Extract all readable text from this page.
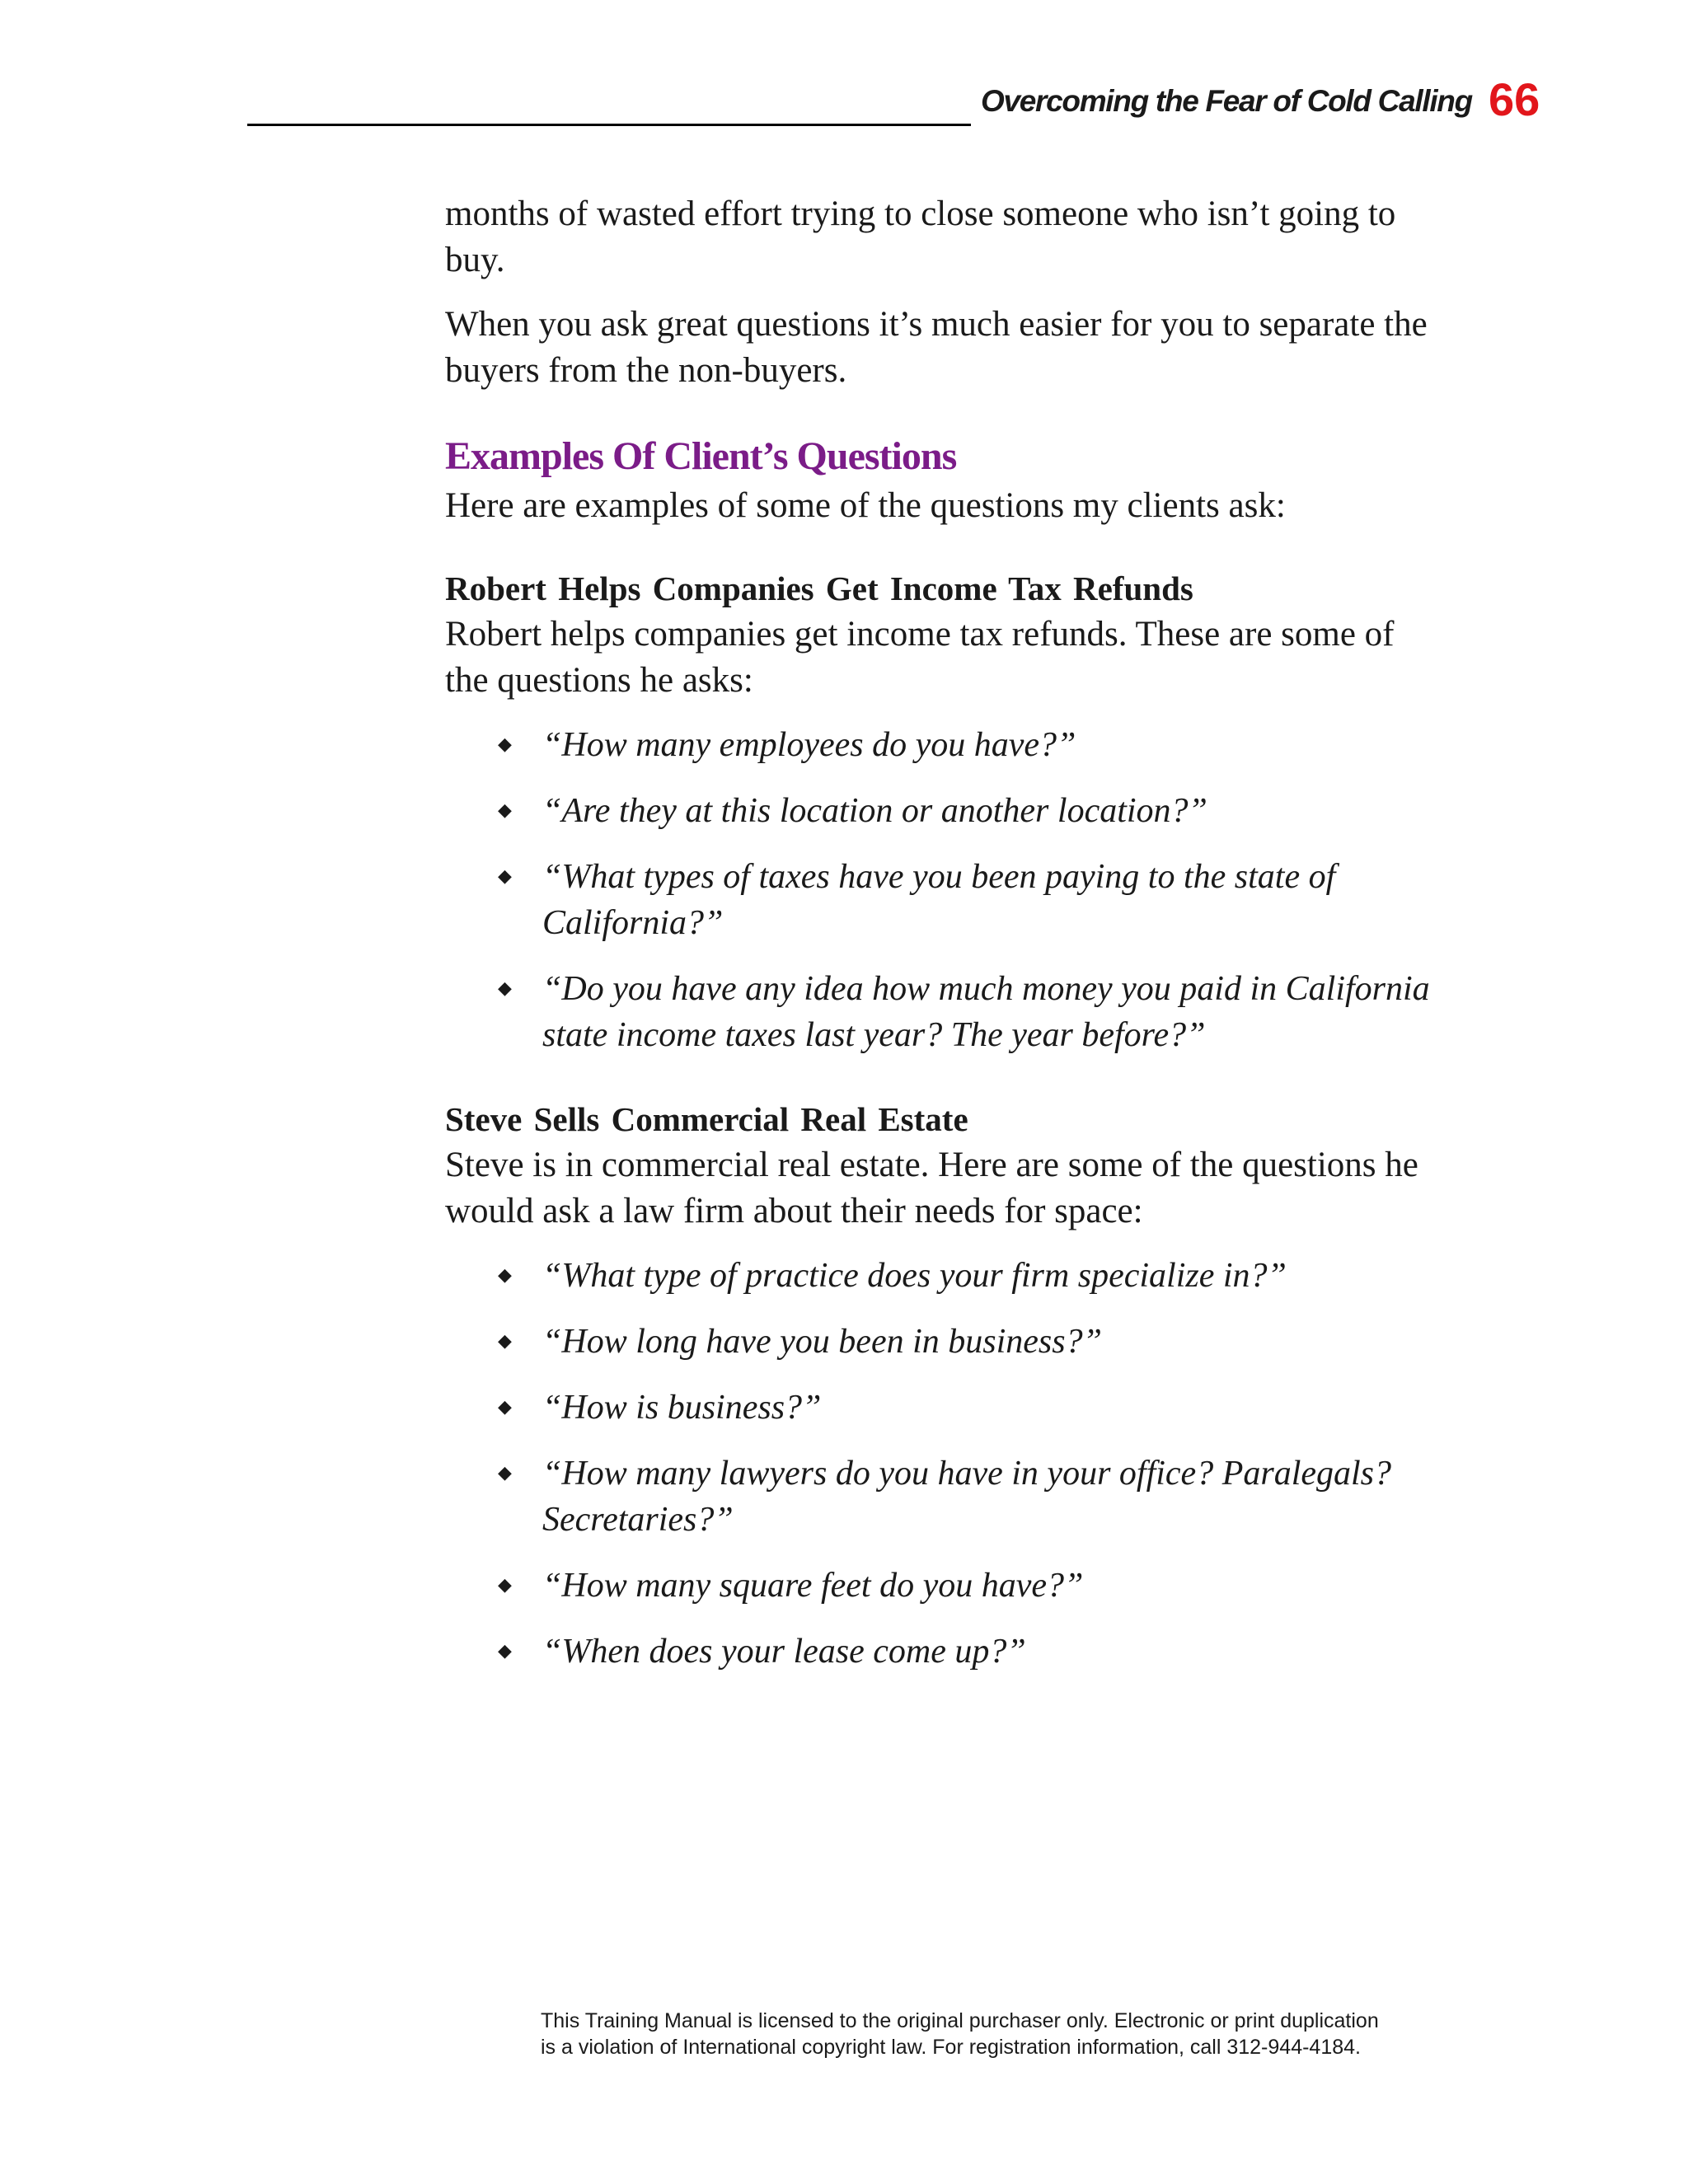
Overcoming the Fear of Cold Calling 66

months of wasted effort trying to close someone who isn’t going to buy.

When you ask great questions it’s much easier for you to separate the buyers from the non-buyers.

Examples Of Client’s Questions

Here are examples of some of the questions my clients ask:

Robert Helps Companies Get Income Tax Refunds

Robert helps companies get income tax refunds. These are some of the questions he asks:

◆ “How many employees do you have?”
◆ “Are they at this location or another location?”
◆ “What types of taxes have you been paying to the state of California?”
◆ “Do you have any idea how much money you paid in California state income taxes last year? The year before?”
Steve Sells Commercial Real Estate

Steve is in commercial real estate. Here are some of the questions he would ask a law firm about their needs for space:

◆ “What type of practice does your firm specialize in?”
◆ “How long have you been in business?”
◆ “How is business?”
◆ “How many lawyers do you have in your office? Paralegals? Secretaries?”
◆ “How many square feet do you have?”
◆ “When does your lease come up?”
This Training Manual is licensed to the original purchaser only. Electronic or print duplication
is a violation of International copyright law. For registration information, call 312-944-4184.
